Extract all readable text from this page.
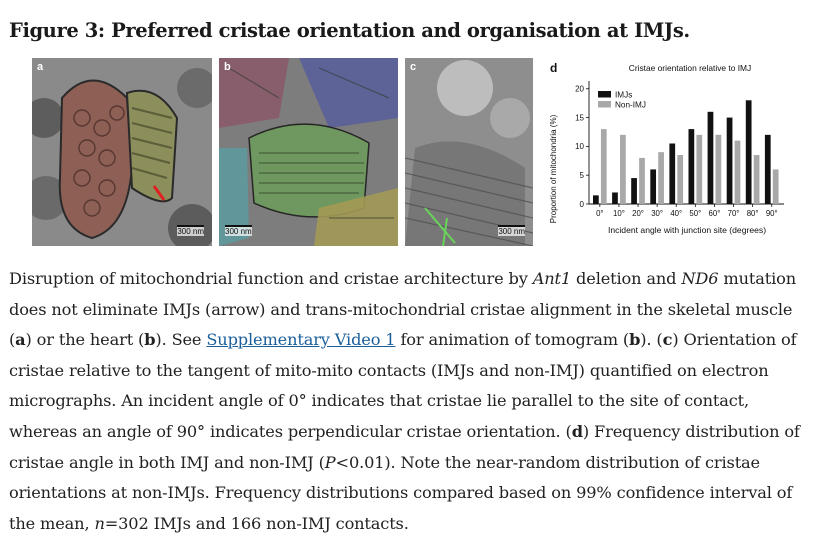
Figure 3: Preferred cristae orientation and organisation at IMJs.
a
300 nm
b
300 nm
c
300 nm
d	Cristae orientation relative to IMJ
Proportion of mitochondria (%)
Incident angle with junction site (degrees)
0
5
10
15
20
0° 10° 20° 30° 40° 50° 60° 70° 80° 90°
IMJs
Non-IMJ
Disruption of mitochondrial function and cristae architecture by Ant1 deletion and ND6 mutation does not eliminate IMJs (arrow) and trans-mitochondrial cristae alignment in the skeletal muscle (a) or the heart (b). See Supplementary Video 1 for animation of tomogram (b). (c) Orientation of cristae relative to the tangent of mito-mito contacts (IMJs and non-IMJ) quantified on electron micrographs. An incident angle of 0° indicates that cristae lie parallel to the site of contact, whereas an angle of 90° indicates perpendicular cristae orientation. (d) Frequency distribution of cristae angle in both IMJ and non-IMJ (P<0.01). Note the near-random distribution of cristae orientations at non-IMJs. Frequency distributions compared based on 99% confidence interval of the mean, n=302 IMJs and 166 non-IMJ contacts.
